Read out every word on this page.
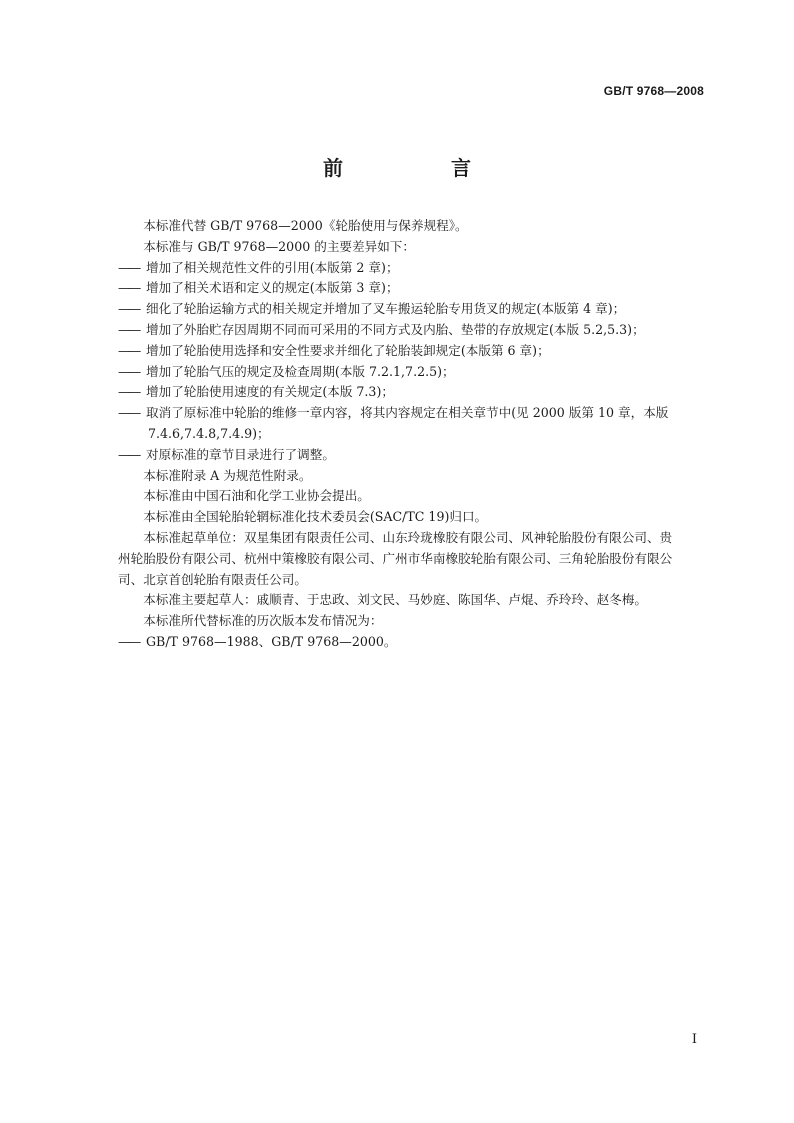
GB/T 9768—2008
前　言

本标准代替 GB/T 9768—2000《轮胎使用与保养规程》。

本标准与 GB/T 9768—2000 的主要差异如下：

—— 增加了相关规范性文件的引用(本版第 2 章)；

—— 增加了相关术语和定义的规定(本版第 3 章)；

—— 细化了轮胎运输方式的相关规定并增加了叉车搬运轮胎专用货叉的规定(本版第 4 章)；

—— 增加了外胎贮存因周期不同而可采用的不同方式及内胎、垫带的存放规定(本版 5.2,5.3)；

—— 增加了轮胎使用选择和安全性要求并细化了轮胎装卸规定(本版第 6 章)；

—— 增加了轮胎气压的规定及检查周期(本版 7.2.1,7.2.5)；

—— 增加了轮胎使用速度的有关规定(本版 7.3)；

—— 取消了原标准中轮胎的维修一章内容，将其内容规定在相关章节中(见 2000 版第 10 章，本版 7.4.6,7.4.8,7.4.9)；

—— 对原标准的章节目录进行了调整。

本标准附录 A 为规范性附录。

本标准由中国石油和化学工业协会提出。

本标准由全国轮胎轮辋标准化技术委员会(SAC/TC 19)归口。

本标准起草单位：双星集团有限责任公司、山东玲珑橡胶有限公司、风神轮胎股份有限公司、贵州轮胎股份有限公司、杭州中策橡胶有限公司、广州市华南橡胶轮胎有限公司、三角轮胎股份有限公司、北京首创轮胎有限责任公司。

本标准主要起草人：戚顺青、于忠政、刘文民、马妙庭、陈国华、卢焜、乔玲玲、赵冬梅。

本标准所代替标准的历次版本发布情况为：

—— GB/T 9768—1988、GB/T 9768—2000。

I
